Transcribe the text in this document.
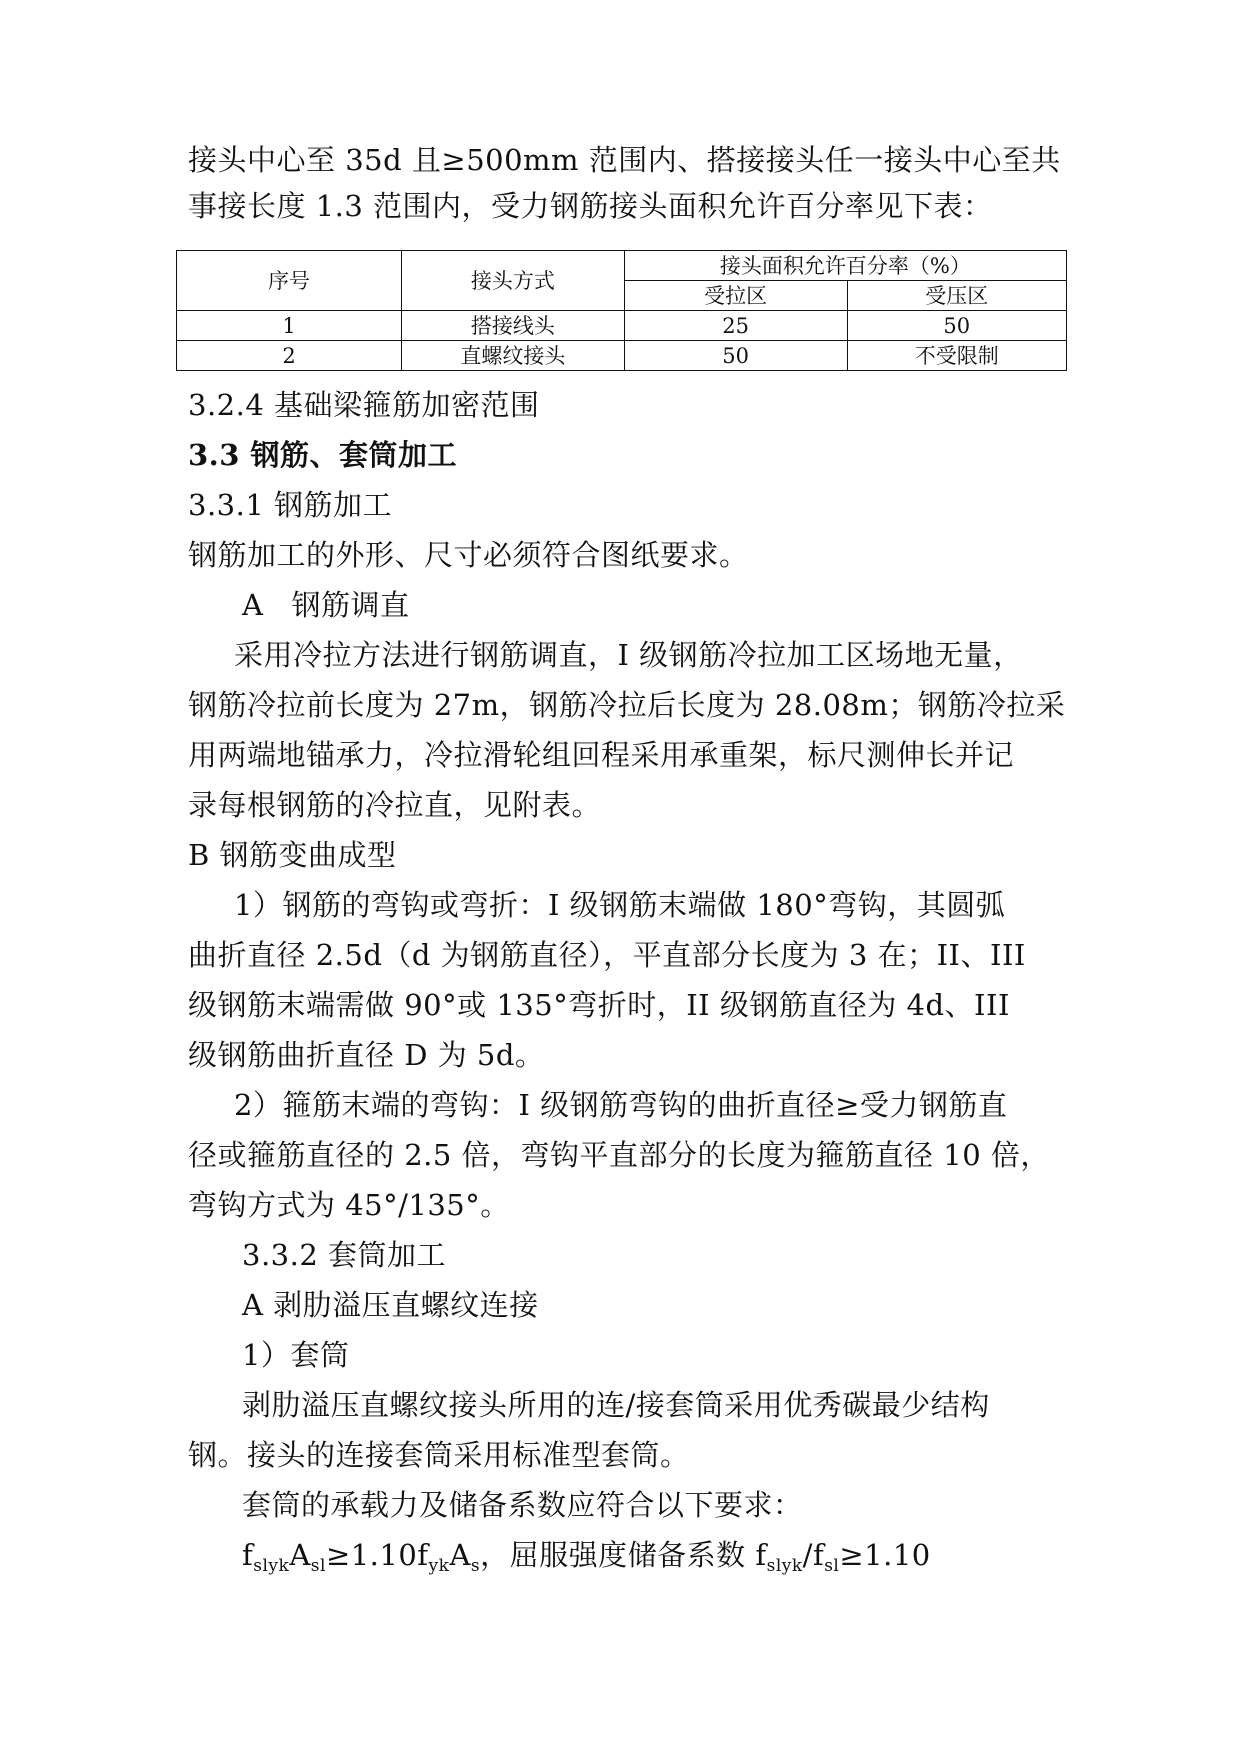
接头中心至 35d 且≥500mm 范围内、搭接接头任一接头中心至共
事接长度 1.3 范围内，受力钢筋接头面积允许百分率见下表：
序号	接头方式	接头面积允许百分率（%）	
		受拉区	受压区
1	搭接线头	25	50
2	直螺纹接头	50	不受限制
3.2.4 基础梁箍筋加密范围
3.3 钢筋、套筒加工
3.3.1 钢筋加工
钢筋加工的外形、尺寸必须符合图纸要求。
A 钢筋调直
采用冷拉方法进行钢筋调直，I 级钢筋冷拉加工区场地无量，
钢筋冷拉前长度为 27m，钢筋冷拉后长度为 28.08m；钢筋冷拉采
用两端地锚承力，冷拉滑轮组回程采用承重架，标尺测伸长并记
录每根钢筋的冷拉直，见附表。
B 钢筋变曲成型
1）钢筋的弯钩或弯折：I 级钢筋末端做 180°弯钩，其圆弧
曲折直径 2.5d（d 为钢筋直径），平直部分长度为 3 在；II、III
级钢筋末端需做 90°或 135°弯折时，II 级钢筋直径为 4d、III
级钢筋曲折直径 D 为 5d。
2）箍筋末端的弯钩：I 级钢筋弯钩的曲折直径≥受力钢筋直
径或箍筋直径的 2.5 倍，弯钩平直部分的长度为箍筋直径 10 倍，
弯钩方式为 45°/135°。
3.3.2 套筒加工
A 剥肋溢压直螺纹连接
1）套筒
剥肋溢压直螺纹接头所用的连/接套筒采用优秀碳最少结构
钢。接头的连接套筒采用标准型套筒。
套筒的承载力及储备系数应符合以下要求：
$f_{slyk}A_{sl}\ge 1.10f_{yk}A_s$，屈服强度储备系数 $f_{slyk}/f_{sl}\ge 1.10$
